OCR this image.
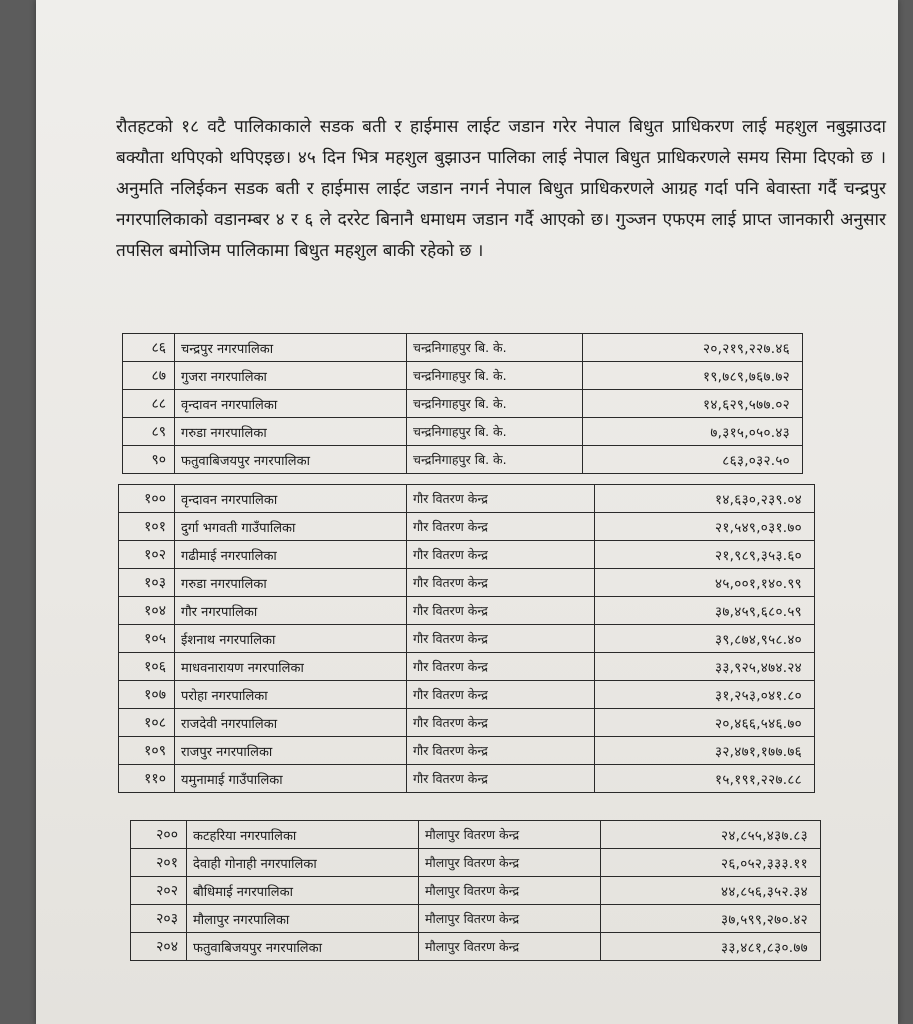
रौतहटको १८ वटै पालिकाकाले सडक बती र हाईमास लाईट जडान गरेर नेपाल बिधुत प्राधिकरण लाई महशुल नबुझाउदा बक्यौता थपिएको थपिएइछ। ४५ दिन भित्र महशुल बुझाउन पालिका लाई नेपाल बिधुत प्राधिकरणले समय सिमा दिएको छ । अनुमति नलिईकन सडक बती र हाईमास लाईट जडान नगर्न नेपाल बिधुत प्राधिकरणले आग्रह गर्दा पनि बेवास्ता गर्दै चन्द्रपुर नगरपालिकाको वडानम्बर ४ र ६ ले दररेट बिनानै धमाधम जडान गर्दै आएको छ। गुञ्जन एफएम लाई प्राप्त जानकारी अनुसार तपसिल बमोजिम पालिकामा बिधुत महशुल बाकी रहेको छ ।

८६	चन्द्रपुर नगरपालिका	चन्द्रनिगाहपुर बि. के.	२०,२१९,२२७.४६
८७	गुजरा नगरपालिका	चन्द्रनिगाहपुर बि. के.	१९,७८९,७६७.७२
८८	वृन्दावन नगरपालिका	चन्द्रनिगाहपुर बि. के.	१४,६२९,५७७.०२
८९	गरुडा नगरपालिका	चन्द्रनिगाहपुर बि. के.	७,३१५,०५०.४३
९०	फतुवाबिजयपुर नगरपालिका	चन्द्रनिगाहपुर बि. के.	८६३,०३२.५०
१००	वृन्दावन नगरपालिका	गौर वितरण केन्द्र	१४,६३०,२३९.०४
१०१	दुर्गा भगवती गाउँपालिका	गौर वितरण केन्द्र	२१,५४९,०३१.७०
१०२	गढीमाई नगरपालिका	गौर वितरण केन्द्र	२१,९८९,३५३.६०
१०३	गरुडा नगरपालिका	गौर वितरण केन्द्र	४५,००१,१४०.९९
१०४	गौर नगरपालिका	गौर वितरण केन्द्र	३७,४५९,६८०.५९
१०५	ईशनाथ नगरपालिका	गौर वितरण केन्द्र	३९,८७४,९५८.४०
१०६	माधवनारायण नगरपालिका	गौर वितरण केन्द्र	३३,९२५,४७४.२४
१०७	परोहा नगरपालिका	गौर वितरण केन्द्र	३१,२५३,०४१.८०
१०८	राजदेवी नगरपालिका	गौर वितरण केन्द्र	२०,४६६,५४६.७०
१०९	राजपुर नगरपालिका	गौर वितरण केन्द्र	३२,४७१,१७७.७६
११०	यमुनामाई गाउँपालिका	गौर वितरण केन्द्र	१५,१९१,२२७.८८
२००	कटहरिया नगरपालिका	मौलापुर वितरण केन्द्र	२४,८५५,४३७.८३
२०१	देवाही गोनाही नगरपालिका	मौलापुर वितरण केन्द्र	२६,०५२,३३३.११
२०२	बौधिमाई नगरपालिका	मौलापुर वितरण केन्द्र	४४,८५६,३५२.३४
२०३	मौलापुर नगरपालिका	मौलापुर वितरण केन्द्र	३७,५९९,२७०.४२
२०४	फतुवाबिजयपुर नगरपालिका	मौलापुर वितरण केन्द्र	३३,४८१,८३०.७७
